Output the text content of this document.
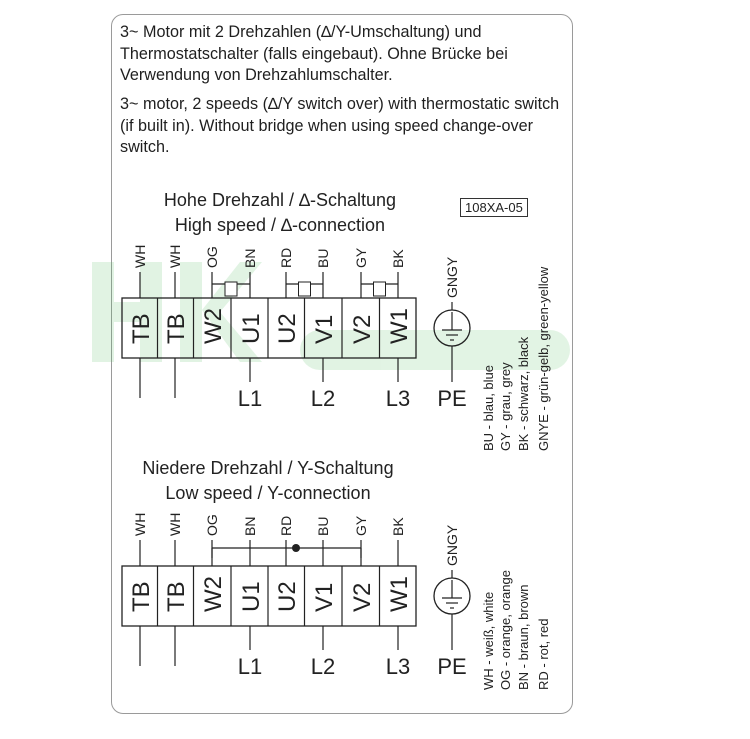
3~ Motor mit 2 Drehzahlen (∆/Y-Umschaltung) und Thermostatschalter (falls eingebaut). Ohne Brücke bei Verwendung von Drehzahlumschalter.

3~ motor, 2 speeds (∆/Y switch over) with thermostatic switch (if built in). Without bridge when using speed change-over switch.

Hohe Drehzahl / ∆-Schaltung
High speed / ∆-connection
108XA-05
Niedere Drehzahl / Y-Schaltung
Low speed / Y-connection
WH WH OG BN RD BU GY BK
TB TB W2 U1 U2 V1 V2 W1
L1 L2 L3
GNGY
PE
WH WH OG BN RD BU GY BK
TB TB W2 U1 U2 V1 V2 W1
L1 L2 L3
GNGY
PE
BU - blau, blue GY - grau, grey BK - schwarz, black GNYE - grün-gelb, green-yellow
WH - weiß, white OG - orange, orange BN - braun, brown RD - rot, red
